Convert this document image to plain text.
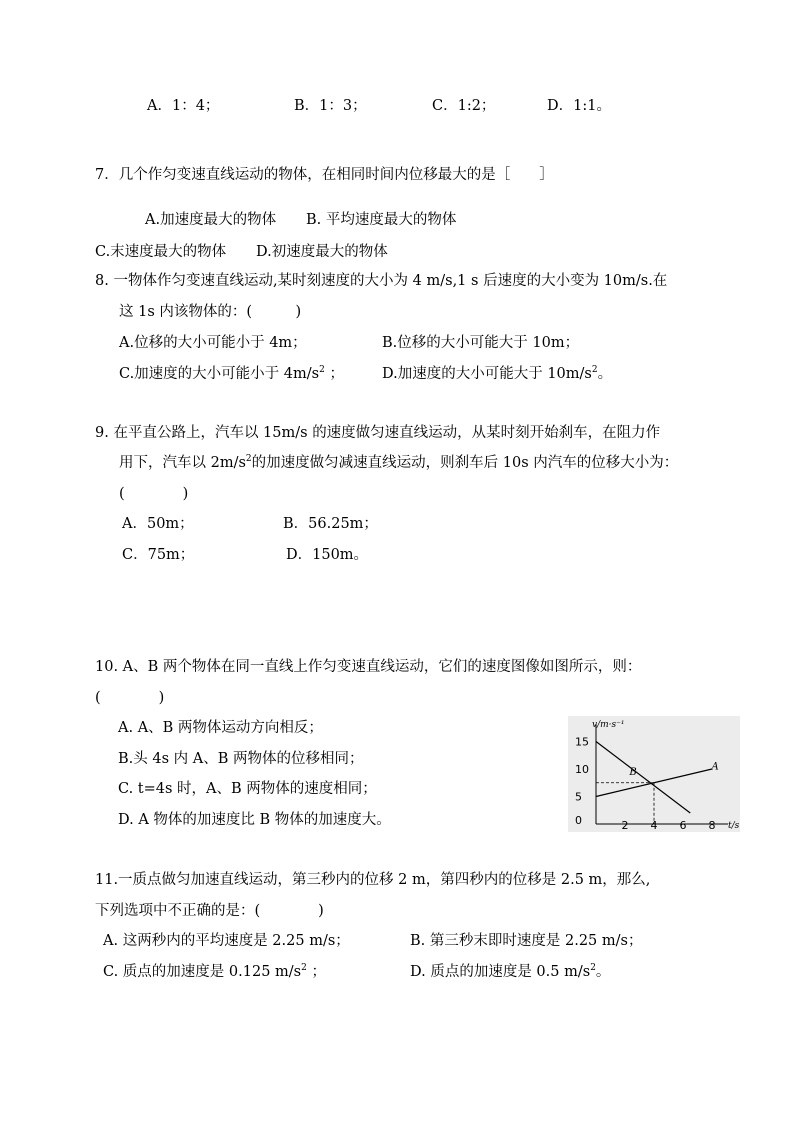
A．1：4；	B．1：3；	C．1:2；	D．1:1。
7．几个作匀变速直线运动的物体，在相同时间内位移最大的是［　　］
A.加速度最大的物体 B. 平均速度最大的物体
C.末速度最大的物体 D.初速度最大的物体
8. 一物体作匀变速直线运动,某时刻速度的大小为 4 m/s,1 s 后速度的大小变为 10m/s.在
这 1s 内该物体的：(　　　)
A.位移的大小可能小于 4m；	B.位移的大小可能大于 10m；
C.加速度的大小可能小于 $4m/s^2$ ；	D.加速度的大小可能大于 $10m/s^2$。
9. 在平直公路上，汽车以 15m/s 的速度做匀速直线运动，从某时刻开始刹车，在阻力作
用下，汽车以 $2m/s^2$的加速度做匀减速直线运动，则刹车后 10s 内汽车的位移大小为：
(　　　　)
A．50m；	B．56.25m；
C．75m；	D．150m。
10. A、B 两个物体在同一直线上作匀变速直线运动，它们的速度图像如图所示，则：
(　　　　)
A. A、B 两物体运动方向相反；
B.头 4s 内 A、B 两物体的位移相同；
C. t=4s 时，A、B 两物体的速度相同；
D. A 物体的加速度比 B 物体的加速度大。	0
5
10
15
2 4 6 8
A
B
v/m·s⁻¹
t/s
11.一质点做匀加速直线运动，第三秒内的位移 2 m，第四秒内的位移是 2.5 m，那么,
下列选项中不正确的是：(　　　　)
A. 这两秒内的平均速度是 2.25 m/s；	B. 第三秒末即时速度是 2.25 m/s；
C. 质点的加速度是 0.125 $m/s^2$ ；	D. 质点的加速度是 0.5 $m/s^2$。
